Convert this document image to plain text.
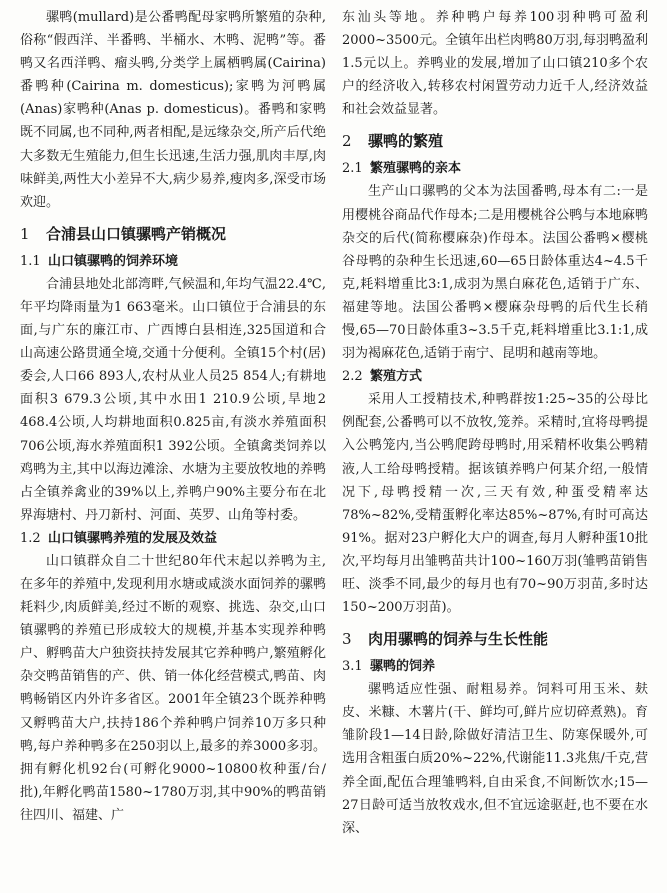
骡鸭(mullard)是公番鸭配母家鸭所繁殖的杂种,俗称“假西洋、半番鸭、半桶水、木鸭、泥鸭”等。番鸭又名西洋鸭、瘤头鸭,分类学上属栖鸭属(Cairina)番鸭种(Cairina m. domesticus);家鸭为河鸭属(Anas)家鸭种(Anas p. domesticus)。番鸭和家鸭既不同属,也不同种,两者相配,是远缘杂交,所产后代绝大多数无生殖能力,但生长迅速,生活力强,肌肉丰厚,肉味鲜美,两性大小差异不大,病少易养,瘦肉多,深受市场欢迎。

1 合浦县山口镇骡鸭产销概况
1.1 山口镇骡鸭的饲养环境

合浦县地处北部湾畔,气候温和,年均气温22.4℃,年平均降雨量为1 663毫米。山口镇位于合浦县的东面,与广东的廉江市、广西博白县相连,325国道和合山高速公路贯通全境,交通十分便利。全镇15个村(居)委会,人口66 893人,农村从业人员25 854人;有耕地面积3 679.3公顷,其中水田1 210.9公顷,旱地2 468.4公顷,人均耕地面积0.825亩,有淡水养殖面积706公顷,海水养殖面积1 392公顷。全镇禽类饲养以鸡鸭为主,其中以海边滩涂、水塘为主要放牧地的养鸭占全镇养禽业的39%以上,养鸭户90%主要分布在北界海塘村、丹刀新村、河面、英罗、山角等村委。

1.2 山口镇骡鸭养殖的发展及效益

山口镇群众自二十世纪80年代末起以养鸭为主,在多年的养殖中,发现利用水塘或咸淡水面饲养的骡鸭耗料少,肉质鲜美,经过不断的观察、挑选、杂交,山口镇骡鸭的养殖已形成较大的规模,并基本实现养种鸭户、孵鸭苗大户独资扶持发展其它养种鸭户,繁殖孵化杂交鸭苗销售的产、供、销一体化经营模式,鸭苗、肉鸭畅销区内外许多省区。2001年全镇23个既养种鸭又孵鸭苗大户,扶持186个养种鸭户饲养10万多只种鸭,每户养种鸭多在250羽以上,最多的养3000多羽。拥有孵化机92台(可孵化9000~10800枚种蛋/台/批),年孵化鸭苗1580~1780万羽,其中90%的鸭苗销往四川、福建、广

东汕头等地。养种鸭户每养100羽种鸭可盈利2000~3500元。全镇年出栏肉鸭80万羽,每羽鸭盈利1.5元以上。养鸭业的发展,增加了山口镇210多个农户的经济收入,转移农村闲置劳动力近千人,经济效益和社会效益显著。

2 骡鸭的繁殖
2.1 繁殖骡鸭的亲本

生产山口骡鸭的父本为法国番鸭,母本有二:一是用樱桃谷商品代作母本;二是用樱桃谷公鸭与本地麻鸭杂交的后代(简称樱麻杂)作母本。法国公番鸭×樱桃谷母鸭的杂种生长迅速,60—65日龄体重达4~4.5千克,耗料增重比3:1,成羽为黑白麻花色,适销于广东、福建等地。法国公番鸭×樱麻杂母鸭的后代生长稍慢,65—70日龄体重3~3.5千克,耗料增重比3.1:1,成羽为褐麻花色,适销于南宁、昆明和越南等地。

2.2 繁殖方式

采用人工授精技术,种鸭群按1:25~35的公母比例配套,公番鸭可以不放牧,笼养。采精时,宜将母鸭提入公鸭笼内,当公鸭爬跨母鸭时,用采精杯收集公鸭精液,人工给母鸭授精。据该镇养鸭户何某介绍,一般情况下,母鸭授精一次,三天有效,种蛋受精率达78%~82%,受精蛋孵化率达85%~87%,有时可高达91%。据对23户孵化大户的调查,每月人孵种蛋10批次,平均每月出雏鸭苗共计100~160万羽(雏鸭苗销售旺、淡季不同,最少的每月也有70~90万羽苗,多时达150~200万羽苗)。

3 肉用骡鸭的饲养与生长性能
3.1 骡鸭的饲养

骡鸭适应性强、耐粗易养。饲料可用玉米、麸皮、米糠、木薯片(干、鲜均可,鲜片应切碎煮熟)。育雏阶段1—14日龄,除做好清洁卫生、防寒保暖外,可选用含粗蛋白质20%~22%,代谢能11.3兆焦/千克,营养全面,配伍合理雏鸭料,自由采食,不间断饮水;15—27日龄可适当放牧戏水,但不宜远途驱赶,也不要在水深、
